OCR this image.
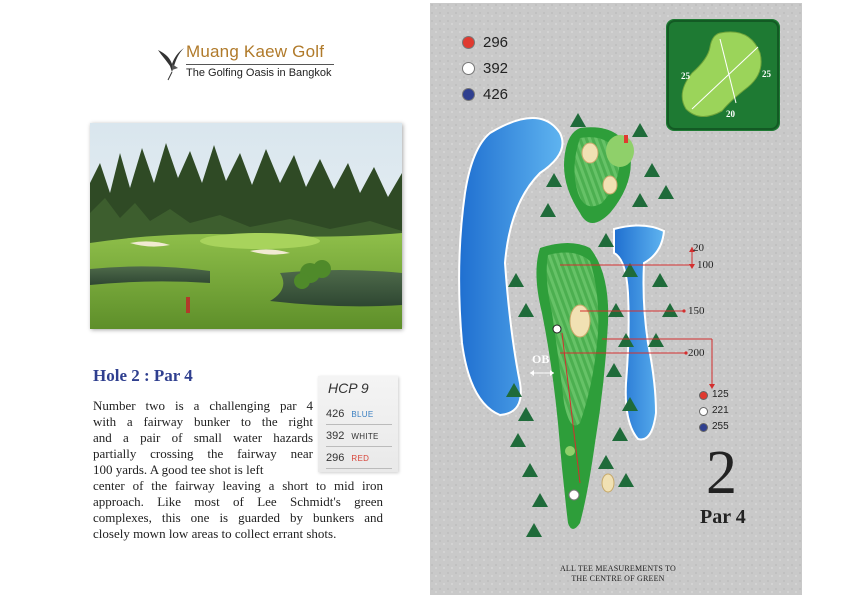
Muang Kaew Golf
The Golfing Oasis in Bangkok
Hole 2 : Par 4
Number two is a challenging par 4
with a fairway bunker to the right
and a pair of small water hazards
partially crossing the fairway near
100 yards. A good tee shot is left
center of the fairway leaving a short to mid iron
approach. Like most of Lee Schmidt's green
complexes, this one is guarded by bunkers and
closely mown low areas to collect errant shots.
HCP 9
426 BLUE
392 WHITE
296 RED
20
100
150
200
25	25
20
OB
296
392
426
125
221
255
2
Par 4
ALL TEE MEASUREMENTS TO
THE CENTRE OF GREEN
